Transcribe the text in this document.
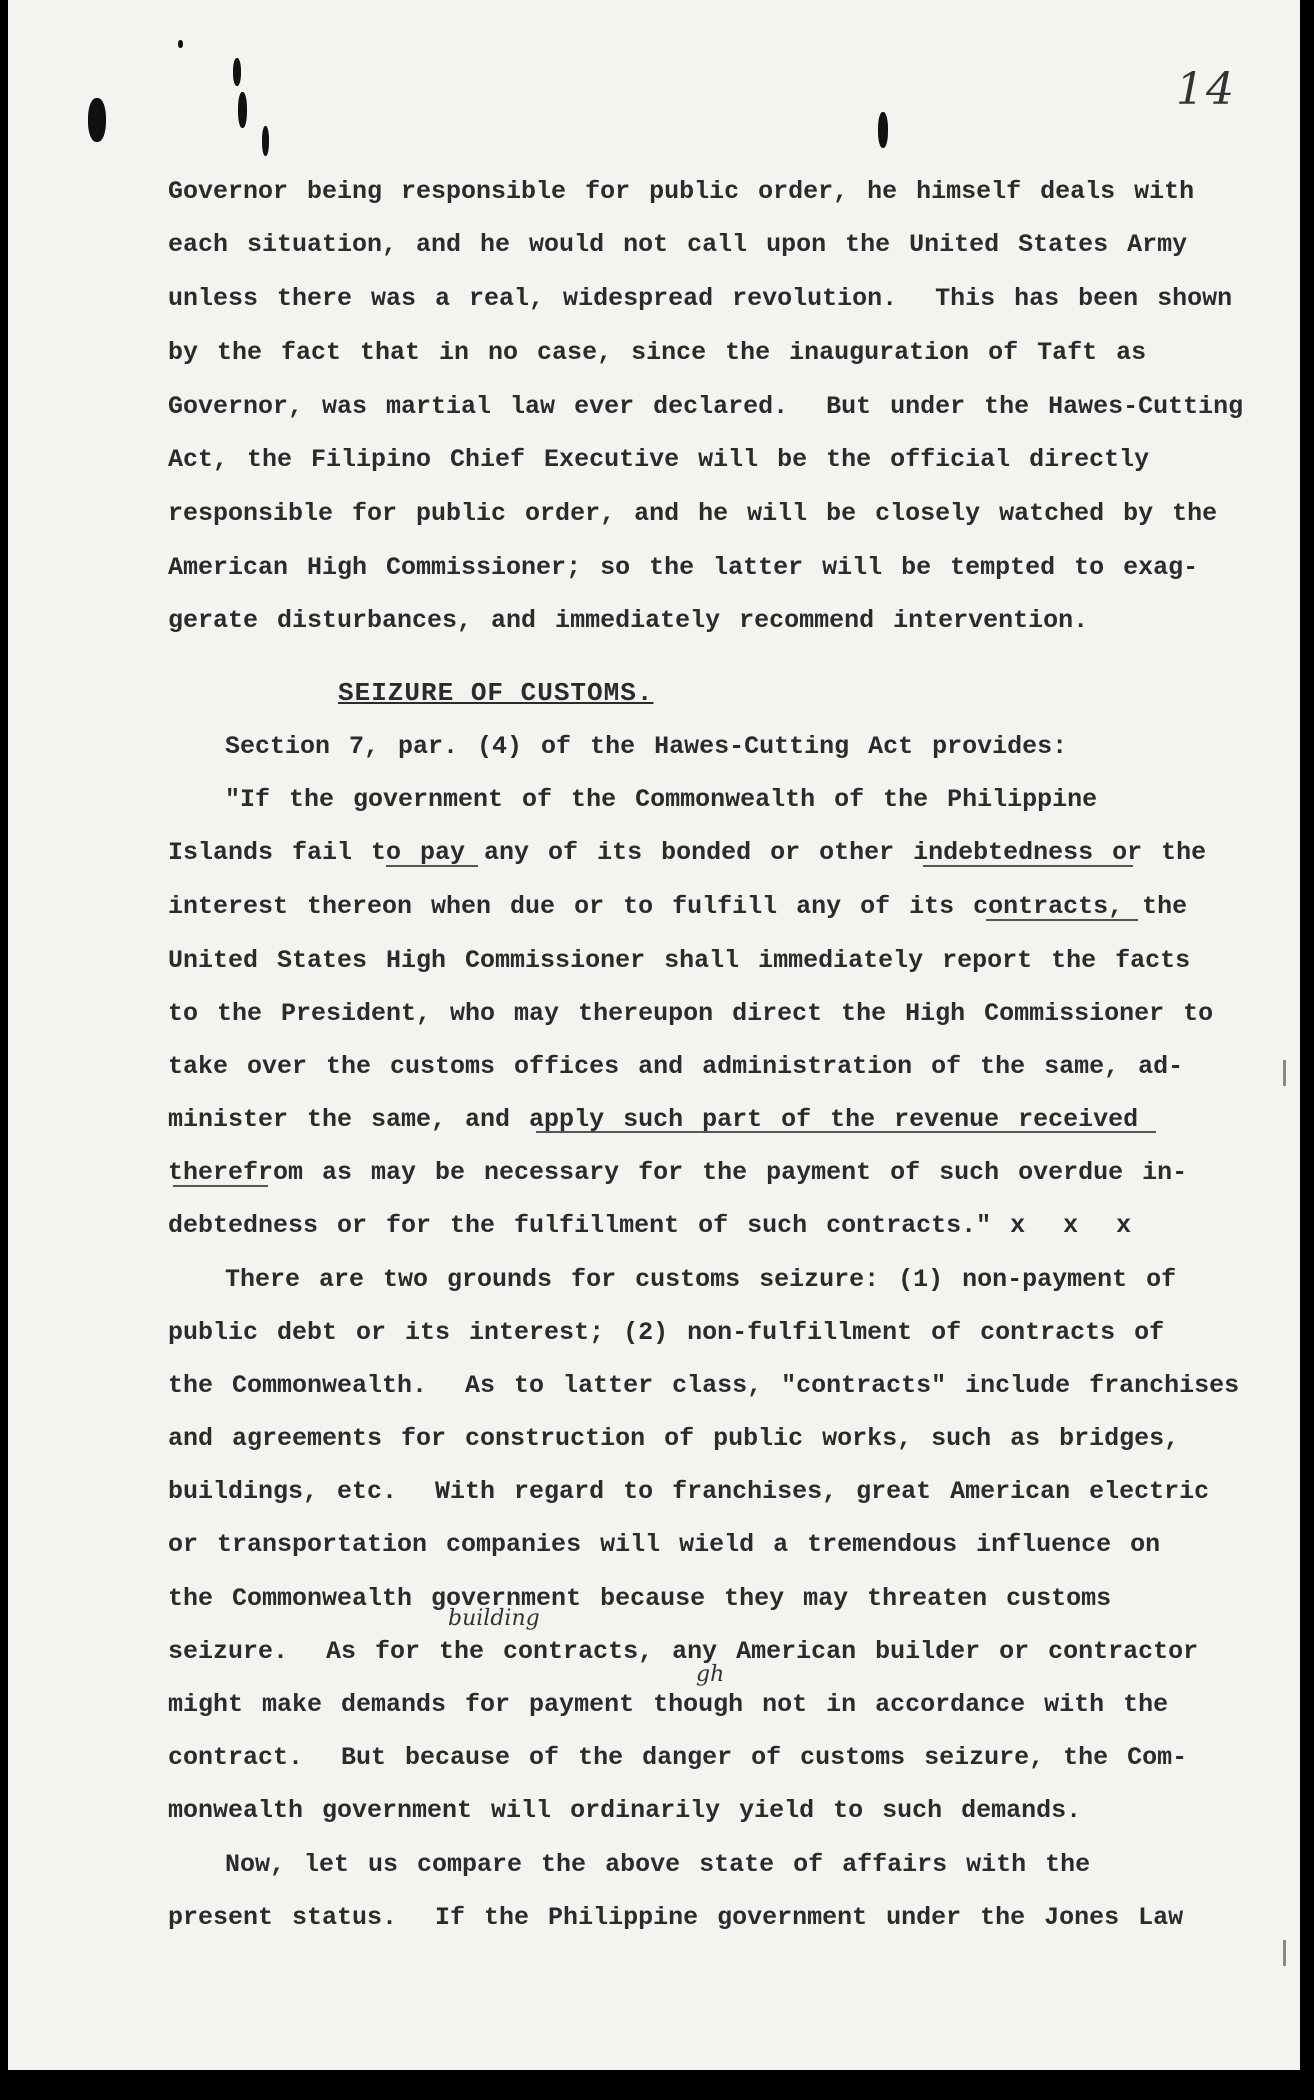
14
Governor being responsible for public order, he himself deals with
each situation, and he would not call upon the United States Army
unless there was a real, widespread revolution.  This has been shown
by the fact that in no case, since the inauguration of Taft as
Governor, was martial law ever declared.  But under the Hawes-Cutting
Act, the Filipino Chief Executive will be the official directly
responsible for public order, and he will be closely watched by the
American High Commissioner; so the latter will be tempted to exag-
gerate disturbances, and immediately recommend intervention.
SEIZURE OF CUSTOMS.
Section 7, par. (4) of the Hawes-Cutting Act provides:
"If the government of the Commonwealth of the Philippine
Islands fail to pay any of its bonded or other indebtedness or the
interest thereon when due or to fulfill any of its contracts, the
United States High Commissioner shall immediately report the facts
to the President, who may thereupon direct the High Commissioner to
take over the customs offices and administration of the same, ad-
minister the same, and apply such part of the revenue received
therefrom as may be necessary for the payment of such overdue in-
debtedness or for the fulfillment of such contracts." x  x  x
There are two grounds for customs seizure: (1) non-payment of
public debt or its interest; (2) non-fulfillment of contracts of
the Commonwealth.  As to latter class, "contracts" include franchises
and agreements for construction of public works, such as bridges,
buildings, etc.  With regard to franchises, great American electric
or transportation companies will wield a tremendous influence on
the Commonwealth government because they may threaten customs
seizure.  As for the contracts, any American builder or contractor
might make demands for payment though not in accordance with the
contract.  But because of the danger of customs seizure, the Com-
monwealth government will ordinarily yield to such demands.
Now, let us compare the above state of affairs with the
present status.  If the Philippine government under the Jones Law
building
gh
